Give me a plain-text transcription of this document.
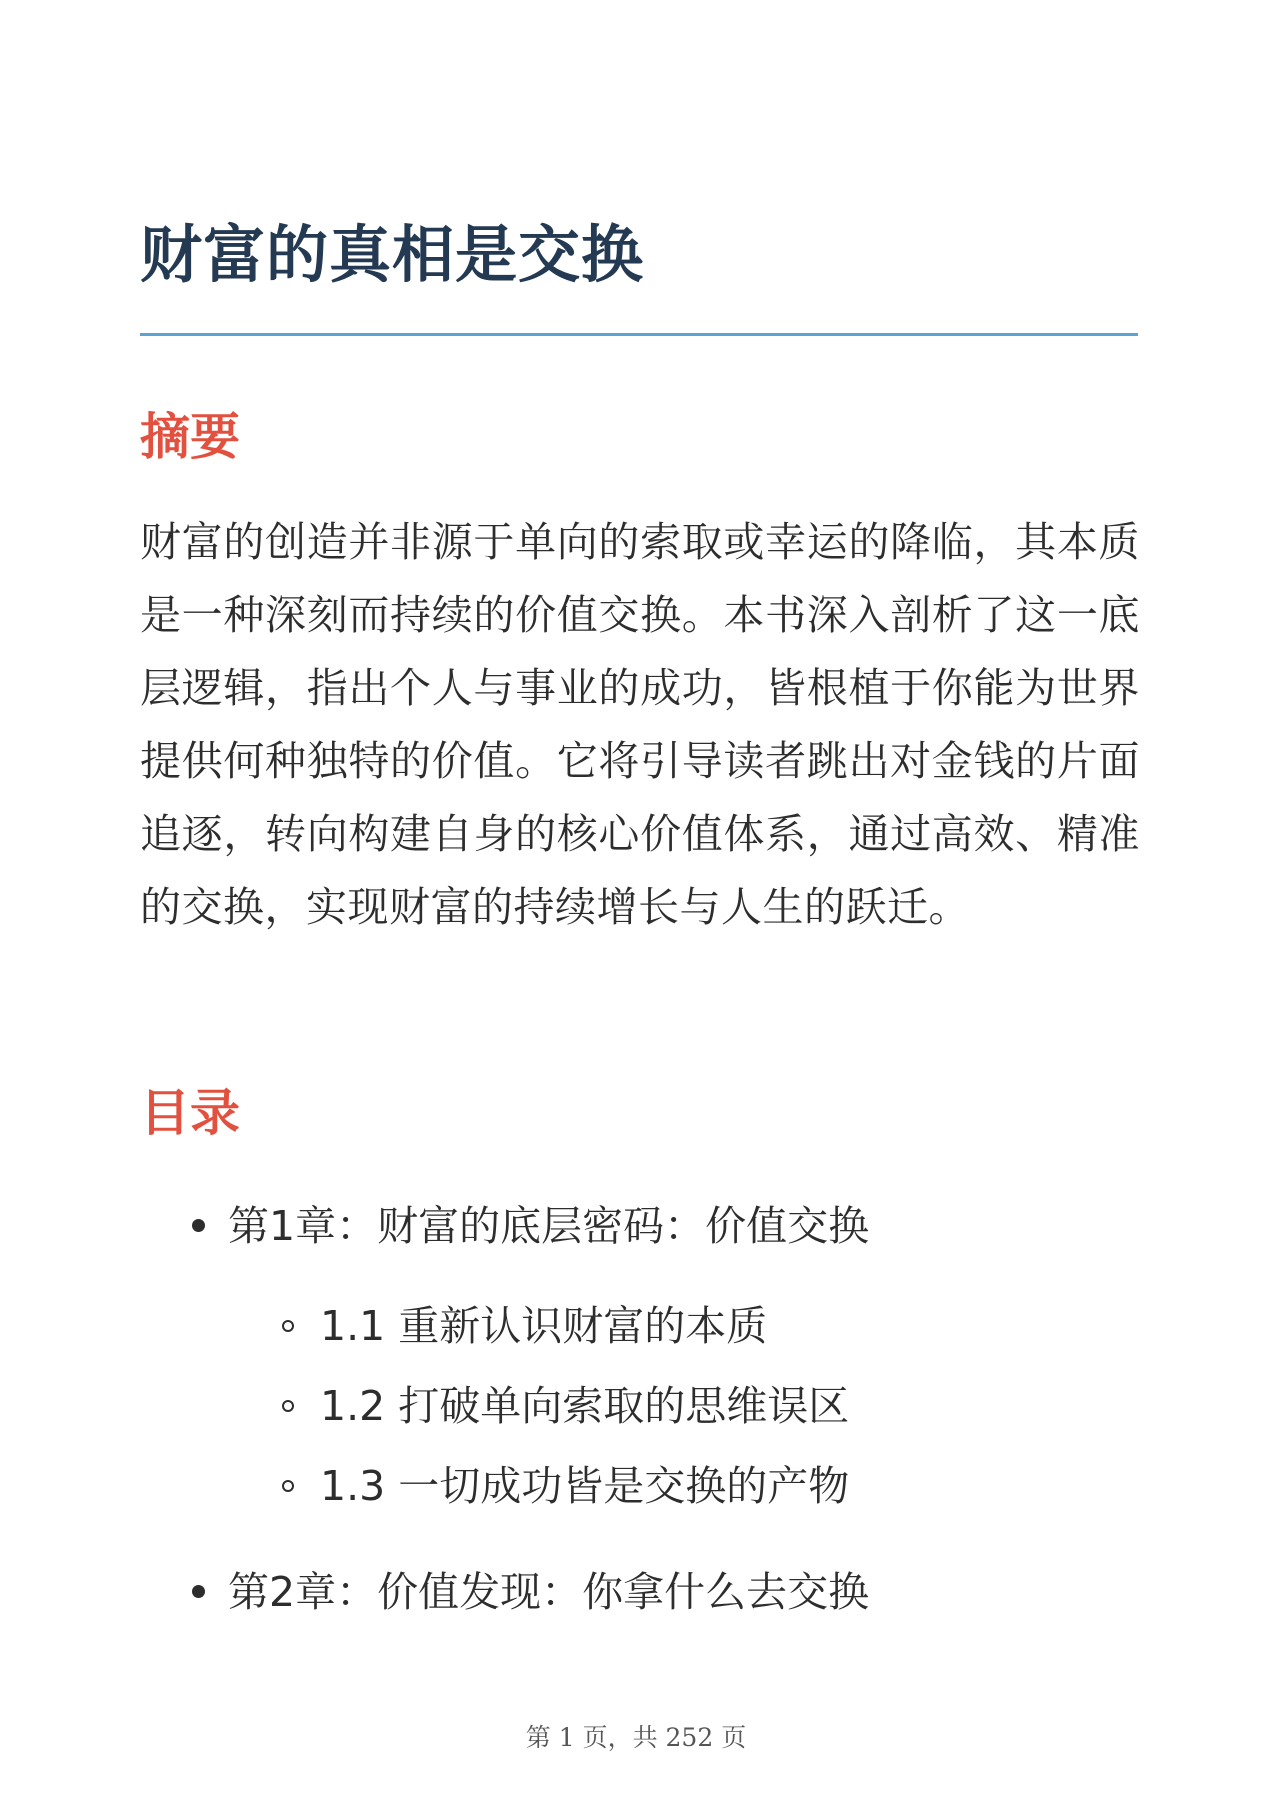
财富的真相是交换
摘要

财富的创造并非源于单向的索取或幸运的降临，其本质是一种深刻而持续的价值交换。本书深入剖析了这一底层逻辑，指出个人与事业的成功，皆根植于你能为世界提供何种独特的价值。它将引导读者跳出对金钱的片面追逐，转向构建自身的核心价值体系，通过高效、精准的交换，实现财富的持续增长与人生的跃迁。

目录
第1章：财富的底层密码：价值交换
1.1 重新认识财富的本质
1.2 打破单向索取的思维误区
1.3 一切成功皆是交换的产物
第2章：价值发现：你拿什么去交换
第 1 页，共 252 页
